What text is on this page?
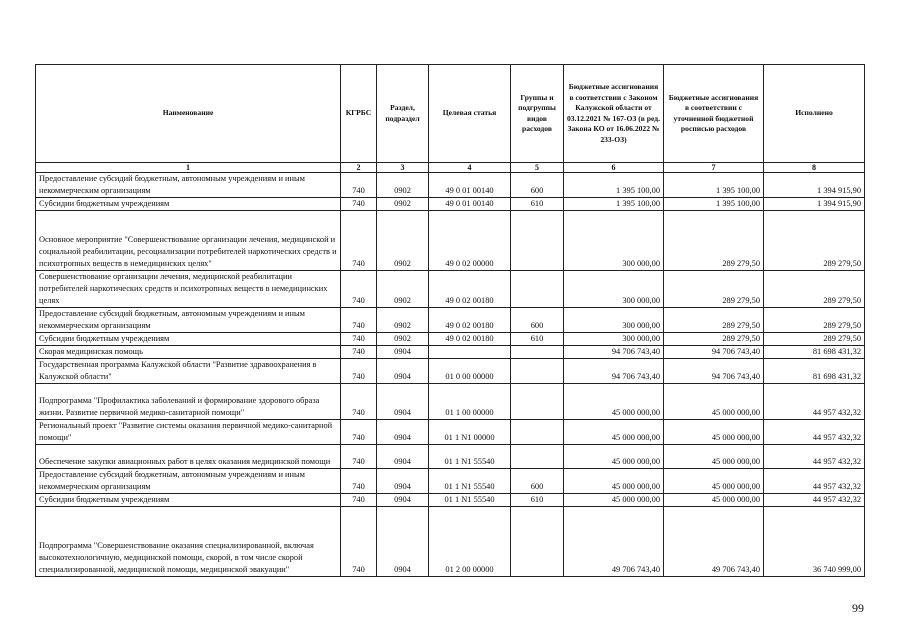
Наименование	КГРБС	Раздел, подраздел	Целевая статья	Группы и подгруппы видов расходов	Бюджетные ассигнования в соответствии с Законом Калужской области от 03.12.2021 № 167-ОЗ (в ред. Закона КО от 16.06.2022 № 233-ОЗ)	Бюджетные ассигнования в соответствии с уточненной бюджетной росписью расходов	Исполнено
1	2	3	4	5	6	7	8
Предоставление субсидий бюджетным, автономным учреждениям и иным некоммерческим организациям	740	0902	49 0 01 00140	600	1 395 100,00	1 395 100,00	1 394 915,90
Субсидии бюджетным учреждениям	740	0902	49 0 01 00140	610	1 395 100,00	1 395 100,00	1 394 915,90
Основное мероприятие "Совершенствование организации лечения, медицинской и социальной реабилитации, ресоциализации потребителей наркотических средств и психотропных веществ в немедицинских целях"	740	0902	49 0 02 00000		300 000,00	289 279,50	289 279,50
Совершенствование организации лечения, медицинской реабилитации потребителей наркотических средств и психотропных веществ в немедицинских целях	740	0902	49 0 02 00180		300 000,00	289 279,50	289 279,50
Предоставление субсидий бюджетным, автономным учреждениям и иным некоммерческим организациям	740	0902	49 0 02 00180	600	300 000,00	289 279,50	289 279,50
Субсидии бюджетным учреждениям	740	0902	49 0 02 00180	610	300 000,00	289 279,50	289 279,50
Скорая медицинская помощь	740	0904			94 706 743,40	94 706 743,40	81 698 431,32
Государственная программа Калужской области "Развитие здравоохранения в Калужской области"	740	0904	01 0 00 00000		94 706 743,40	94 706 743,40	81 698 431,32
Подпрограмма "Профилактика заболеваний и формирование здорового образа жизни. Развитие первичной медико-санитарной помощи"	740	0904	01 1 00 00000		45 000 000,00	45 000 000,00	44 957 432,32
Региональный проект "Развитие системы оказания первичной медико-санитарной помощи"	740	0904	01 1 N1 00000		45 000 000,00	45 000 000,00	44 957 432,32
Обеспечение закупки авиационных работ в целях оказания медицинской помощи	740	0904	01 1 N1 55540		45 000 000,00	45 000 000,00	44 957 432,32
Предоставление субсидий бюджетным, автономным учреждениям и иным некоммерческим организациям	740	0904	01 1 N1 55540	600	45 000 000,00	45 000 000,00	44 957 432,32
Субсидии бюджетным учреждениям	740	0904	01 1 N1 55540	610	45 000 000,00	45 000 000,00	44 957 432,32
Подпрограмма "Совершенствование оказания специализированной, включая высокотехнологичную, медицинской помощи, скорой, в том числе скорой специализированной, медицинской помощи, медицинской эвакуации"	740	0904	01 2 00 00000		49 706 743,40	49 706 743,40	36 740 999,00
99
